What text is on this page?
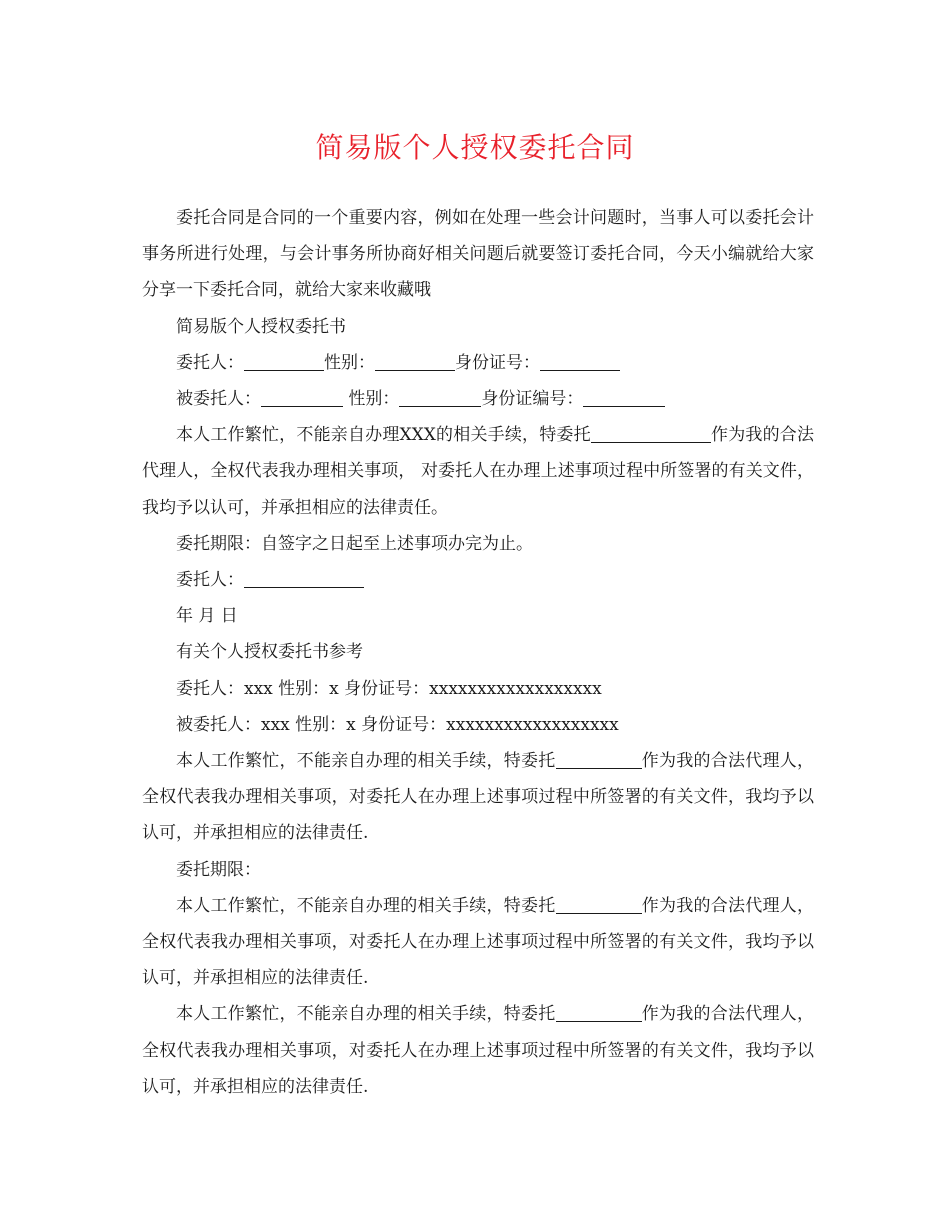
简易版个人授权委托合同

委托合同是合同的一个重要内容，例如在处理一些会计问题时，当事人可以委托会计事务所进行处理，与会计事务所协商好相关问题后就要签订委托合同，今天小编就给大家分享一下委托合同，就给大家来收藏哦

简易版个人授权委托书

委托人：	性别：	身份证号：

被委托人：	性别：	身份证编号：

本人工作繁忙，不能亲自办理XXX的相关手续，特委托	作为我的合法代理人，全权代表我办理相关事项， 对委托人在办理上述事项过程中所签署的有关文件，我均予以认可，并承担相应的法律责任。

委托期限：自签字之日起至上述事项办完为止。

委托人：

年 月 日

有关个人授权委托书参考

委托人：xxx 性别：x 身份证号：xxxxxxxxxxxxxxxxxx

被委托人：xxx 性别：x 身份证号：xxxxxxxxxxxxxxxxxx

本人工作繁忙，不能亲自办理的相关手续，特委托	作为我的合法代理人，全权代表我办理相关事项，对委托人在办理上述事项过程中所签署的有关文件，我均予以认可，并承担相应的法律责任.

委托期限：

本人工作繁忙，不能亲自办理的相关手续，特委托	作为我的合法代理人，全权代表我办理相关事项，对委托人在办理上述事项过程中所签署的有关文件，我均予以认可，并承担相应的法律责任.

本人工作繁忙，不能亲自办理的相关手续，特委托	作为我的合法代理人，全权代表我办理相关事项，对委托人在办理上述事项过程中所签署的有关文件，我均予以认可，并承担相应的法律责任.
